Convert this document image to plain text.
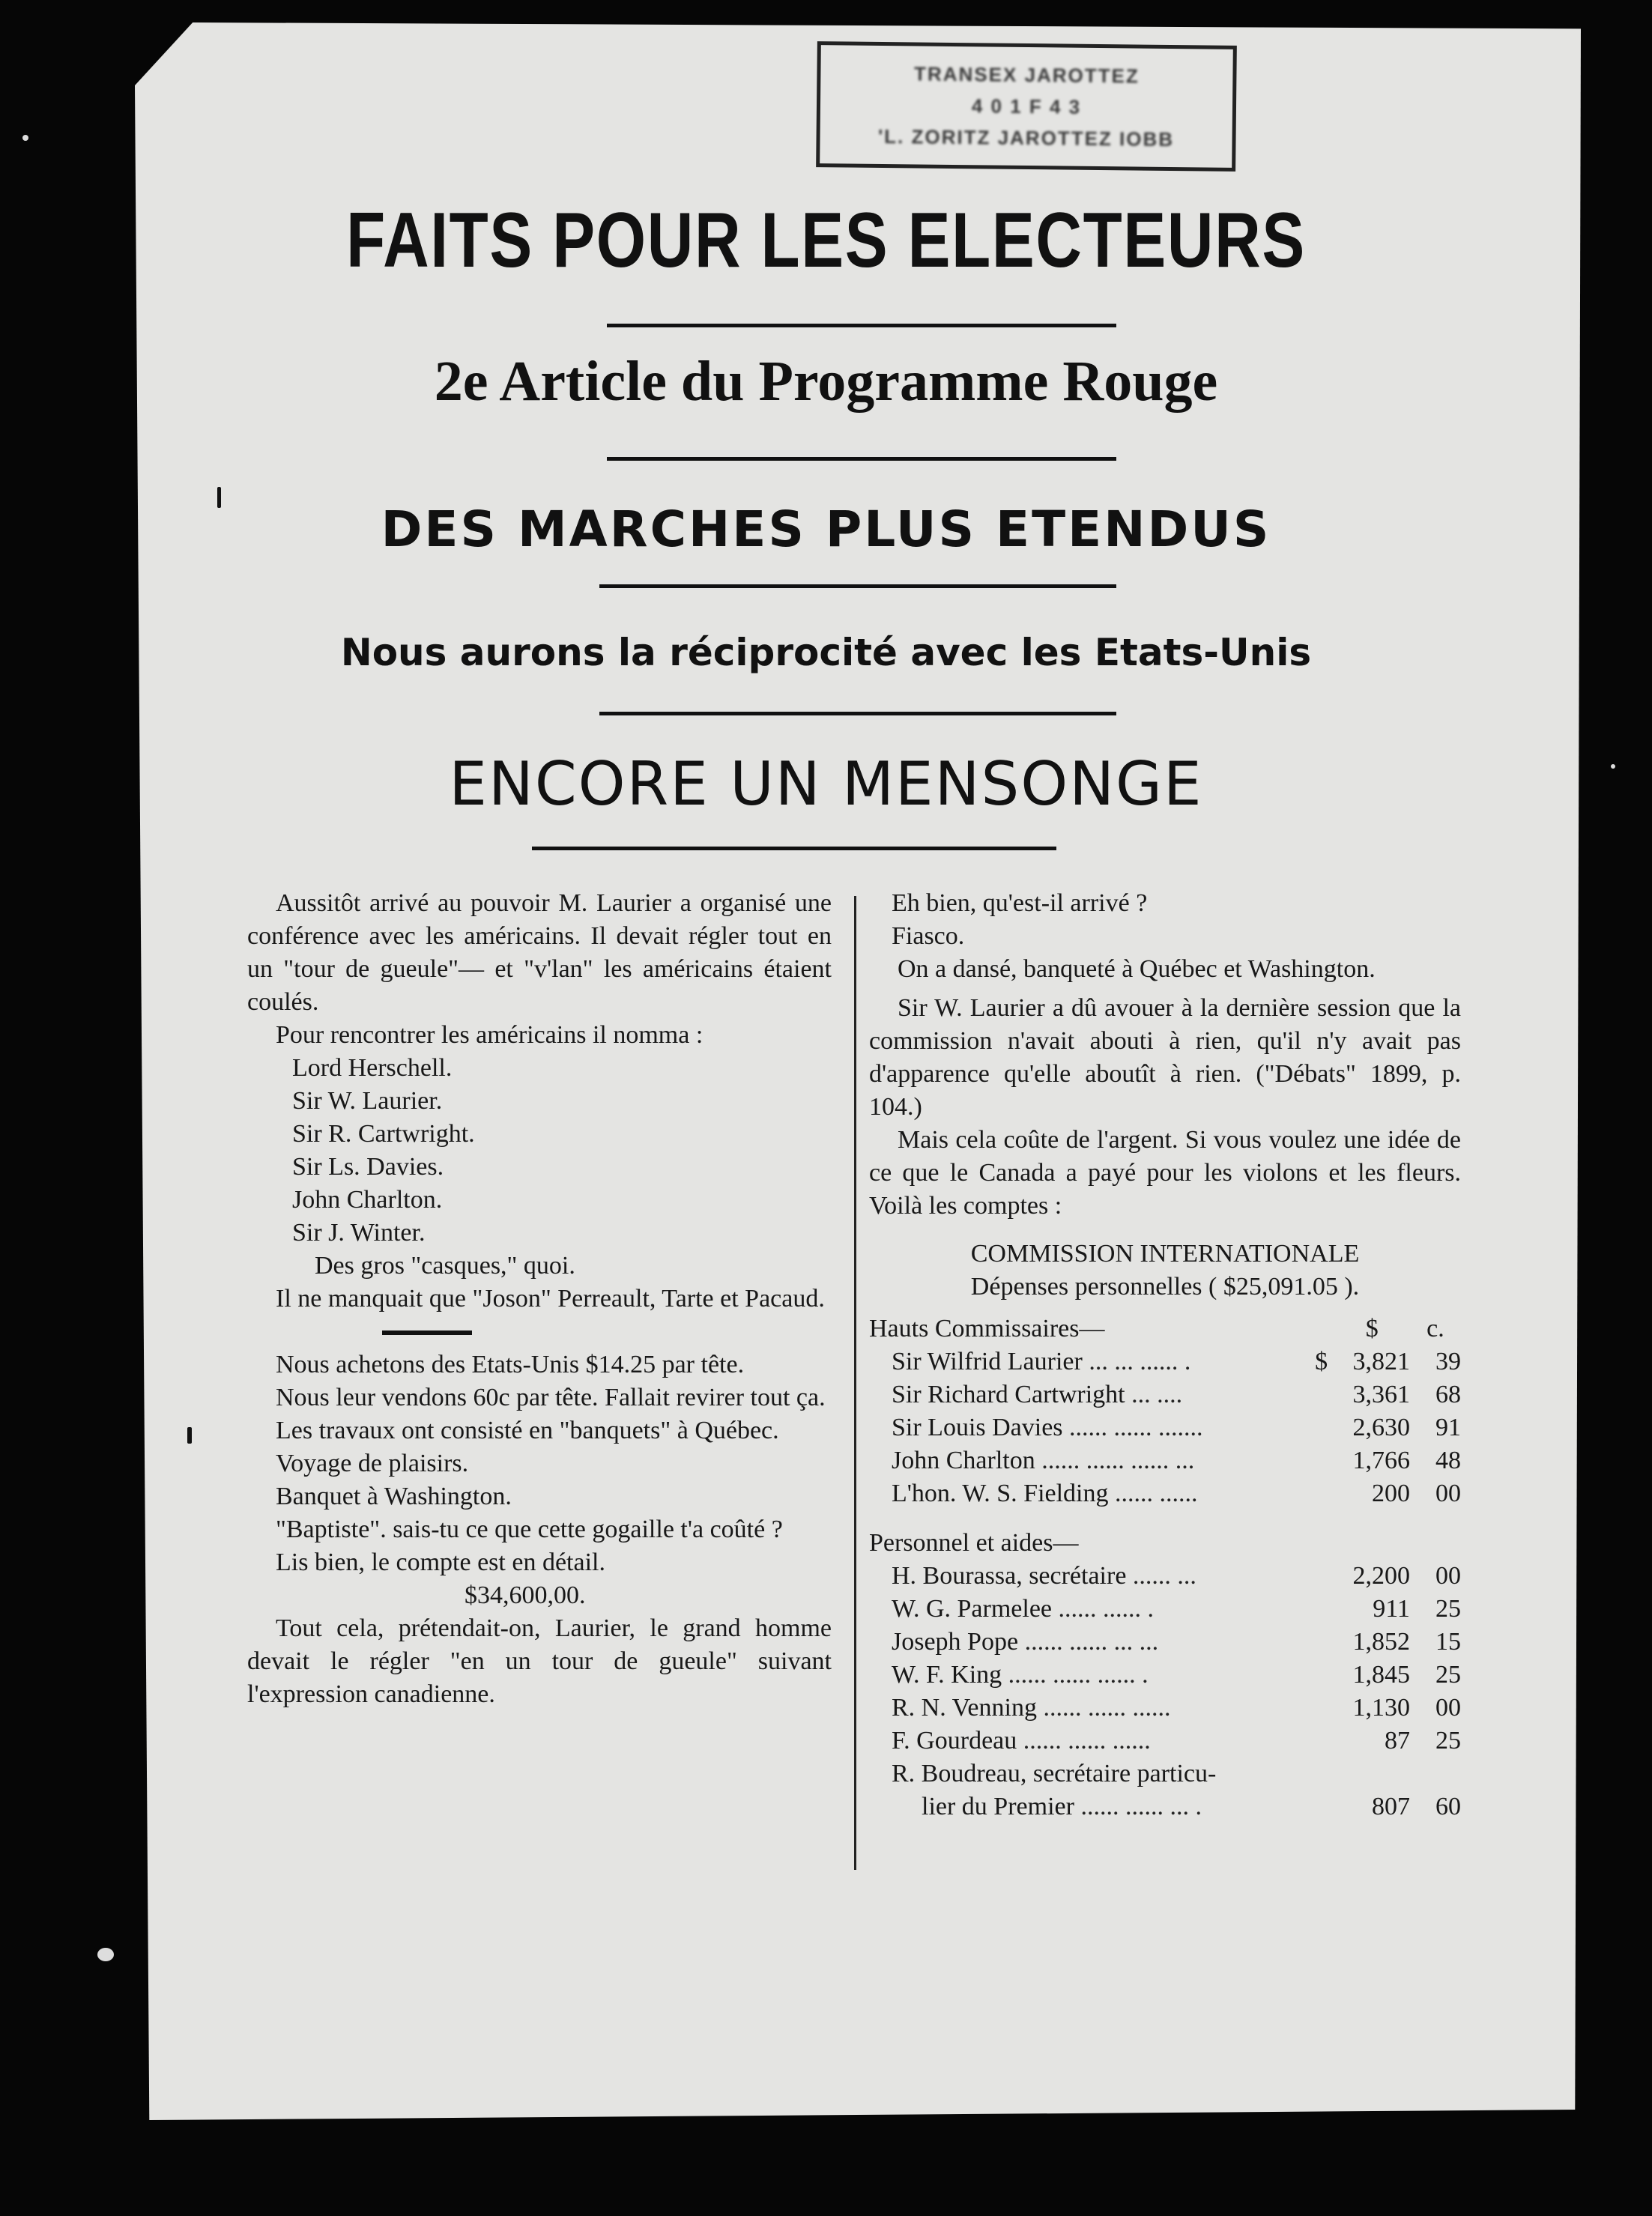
TRANSEX JAROTTEZ
4 0 1 F 4 3
'L. ZORITZ JAROTTEZ IOBB
FAITS POUR LES ELECTEURS
2e Article du Programme Rouge
DES MARCHES PLUS ETENDUS
Nous aurons la réciprocité avec les Etats-Unis
ENCORE UN MENSONGE

Aussitôt arrivé au pouvoir M. Laurier a organisé une conférence avec les américains. Il devait régler tout en un "tour de gueule"— et "v'lan" les américains étaient coulés.

Pour rencontrer les américains il nomma :

Lord Herschell.

Sir W. Laurier.

Sir R. Cartwright.

Sir Ls. Davies.

John Charlton.

Sir J. Winter.

Des gros "casques," quoi.

Il ne manquait que "Joson" Perreault, Tarte et Pacaud.

Nous achetons des Etats-Unis $14.25 par tête.

Nous leur vendons 60c par tête. Fallait revirer tout ça.

Les travaux ont consisté en "banquets" à Québec.

Voyage de plaisirs.

Banquet à Washington.

"Baptiste". sais-tu ce que cette gogaille t'a coûté ?

Lis bien, le compte est en détail.

$34,600,00.

Tout cela, prétendait-on, Laurier, le grand homme devait le régler "en un tour de gueule" suivant l'expression canadienne.

Eh bien, qu'est-il arrivé ?

Fiasco.

On a dansé, banqueté à Québec et Washington.

Sir W. Laurier a dû avouer à la dernière session que la commission n'avait abouti à rien, qu'il n'y avait pas d'apparence qu'elle aboutît à rien. ("Débats" 1899, p. 104.)

Mais cela coûte de l'argent. Si vous voulez une idée de ce que le Canada a payé pour les violons et les fleurs. Voilà les comptes :

COMMISSION INTERNATIONALE

Dépenses personnelles ( $25,091.05 ).

Hauts Commissaires—		$	c.
Sir Wilfrid Laurier ... ... ...... .	$	3,821	39
Sir Richard Cartwright ... ....		3,361	68
Sir Louis Davies ...... ...... .......		2,630	91
John Charlton ...... ...... ...... ...		1,766	48
L'hon. W. S. Fielding ...... ......		200	00
Personnel et aides—			
H. Bourassa, secrétaire ...... ...		2,200	00
W. G. Parmelee ...... ...... .		911	25
Joseph Pope ...... ...... ... ...		1,852	15
W. F. King ...... ...... ...... .		1,845	25
R. N. Venning ...... ...... ......		1,130	00
F. Gourdeau ...... ...... ......		87	25
R. Boudreau, secrétaire particu-			
lier du Premier ...... ...... ... .		807	60
